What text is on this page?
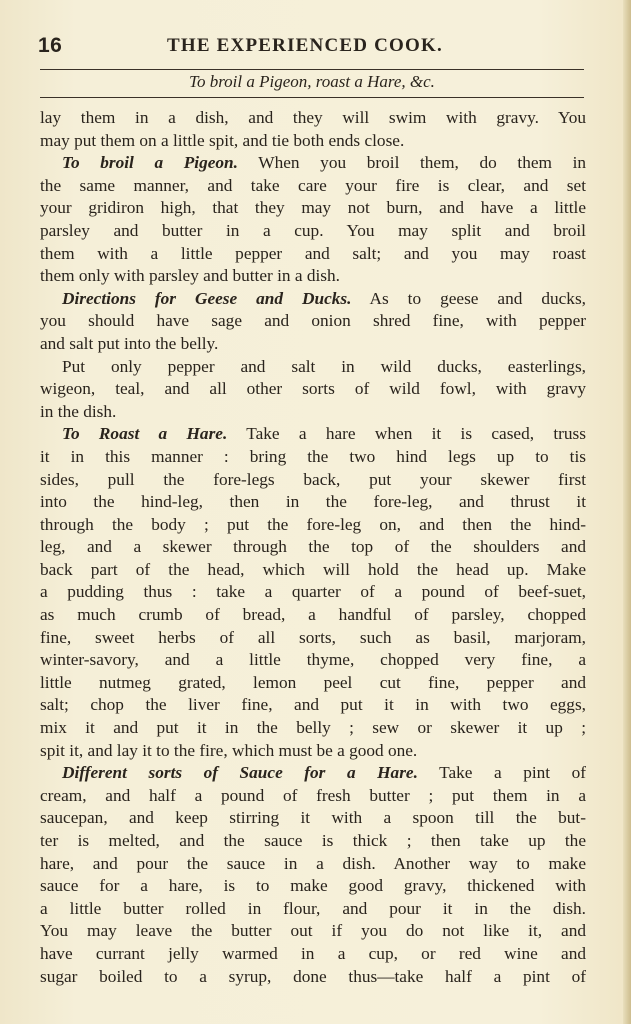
16	THE EXPERIENCED COOK.
To broil a Pigeon, roast a Hare, &c.
lay them in a dish, and they will swim with gravy. You
may put them on a little spit, and tie both ends close.
To broil a Pigeon. When you broil them, do them in
the same manner, and take care your fire is clear, and set
your gridiron high, that they may not burn, and have a little
parsley and butter in a cup. You may split and broil
them with a little pepper and salt; and you may roast
them only with parsley and butter in a dish.
Directions for Geese and Ducks. As to geese and ducks,
you should have sage and onion shred fine, with pepper
and salt put into the belly.
Put only pepper and salt in wild ducks, easterlings,
wigeon, teal, and all other sorts of wild fowl, with gravy
in the dish.
To Roast a Hare. Take a hare when it is cased, truss
it in this manner : bring the two hind legs up to tis
sides, pull the fore-legs back, put your skewer first
into the hind-leg, then in the fore-leg, and thrust it
through the body ; put the fore-leg on, and then the hind-
leg, and a skewer through the top of the shoulders and
back part of the head, which will hold the head up. Make
a pudding thus : take a quarter of a pound of beef-suet,
as much crumb of bread, a handful of parsley, chopped
fine, sweet herbs of all sorts, such as basil, marjoram,
winter-savory, and a little thyme, chopped very fine, a
little nutmeg grated, lemon peel cut fine, pepper and
salt; chop the liver fine, and put it in with two eggs,
mix it and put it in the belly ; sew or skewer it up ;
spit it, and lay it to the fire, which must be a good one.
Different sorts of Sauce for a Hare. Take a pint of
cream, and half a pound of fresh butter ; put them in a
saucepan, and keep stirring it with a spoon till the but-
ter is melted, and the sauce is thick ; then take up the
hare, and pour the sauce in a dish. Another way to make
sauce for a hare, is to make good gravy, thickened with
a little butter rolled in flour, and pour it in the dish.
You may leave the butter out if you do not like it, and
have currant jelly warmed in a cup, or red wine and
sugar boiled to a syrup, done thus—take half a pint of
